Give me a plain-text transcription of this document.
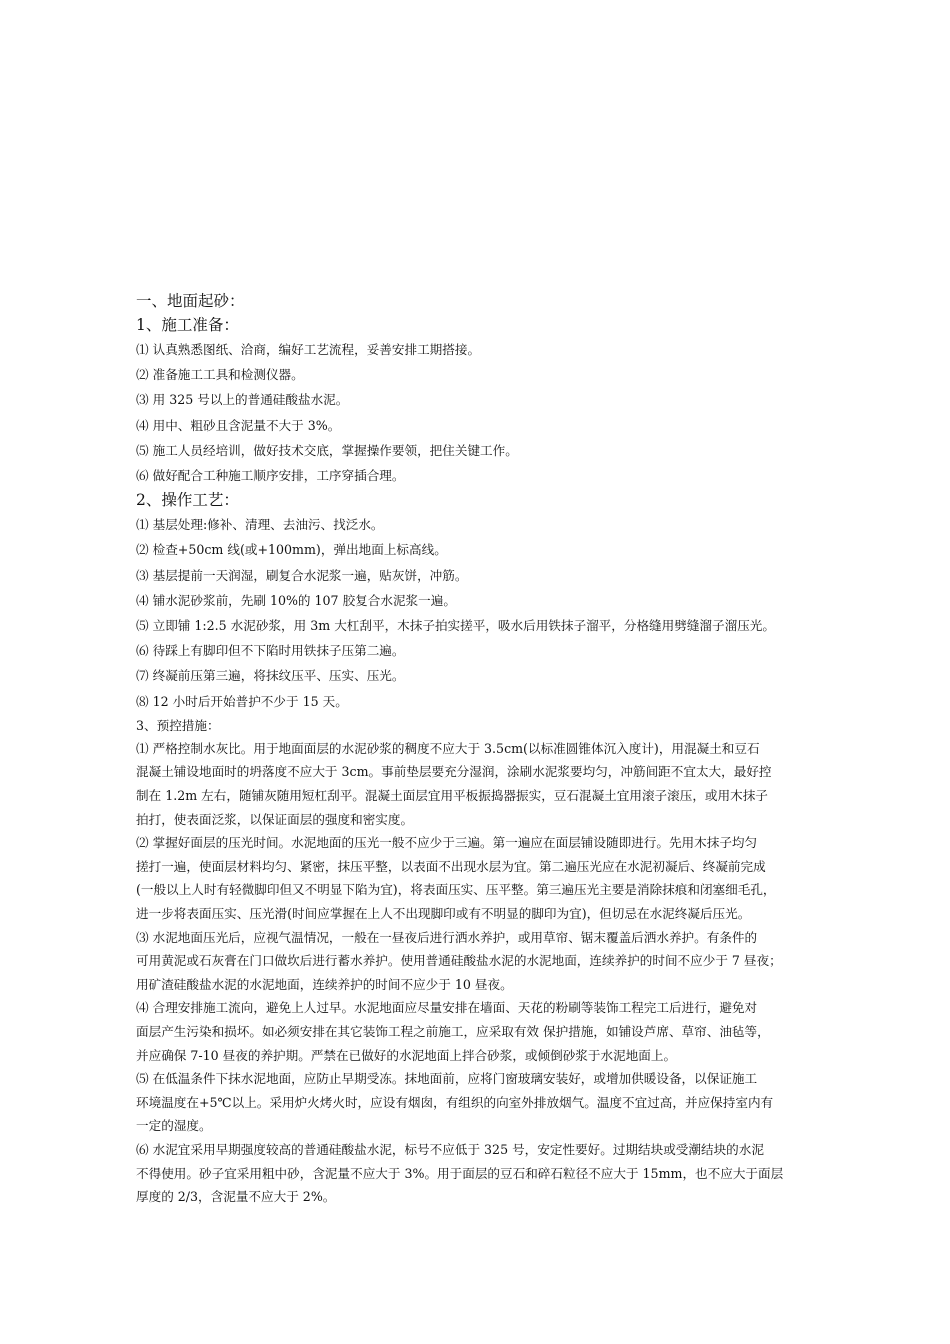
一、地面起砂：

1、施工准备：

⑴ 认真熟悉图纸、洽商，编好工艺流程，妥善安排工期搭接。

⑵ 准备施工工具和检测仪器。

⑶ 用 325 号以上的普通硅酸盐水泥。

⑷ 用中、粗砂且含泥量不大于 3%。

⑸ 施工人员经培训，做好技术交底，掌握操作要领，把住关键工作。

⑹ 做好配合工种施工顺序安排，工序穿插合理。

2、操作工艺：

⑴ 基层处理:修补、清理、去油污、找泛水。

⑵ 检查+50cm 线(或+100mm)，弹出地面上标高线。

⑶ 基层提前一天润湿，刷复合水泥浆一遍，贴灰饼，冲筋。

⑷ 铺水泥砂浆前，先刷 10%的 107 胶复合水泥浆一遍。

⑸ 立即铺 1:2.5 水泥砂浆，用 3m 大杠刮平，木抹子拍实搓平，吸水后用铁抹子溜平，分格缝用劈缝溜子溜压光。

⑹ 待踩上有脚印但不下陷时用铁抹子压第二遍。

⑺ 终凝前压第三遍，将抹纹压平、压实、压光。

⑻ 12 小时后开始普护不少于 15 天。

3、预控措施：

⑴ 严格控制水灰比。用于地面面层的水泥砂浆的稠度不应大于 3.5cm(以标准圆锥体沉入度计)，用混凝土和豆石
混凝土铺设地面时的坍落度不应大于 3cm。事前垫层要充分湿润，涂刷水泥浆要均匀，冲筋间距不宜太大，最好控
制在 1.2m 左右，随铺灰随用短杠刮平。混凝土面层宜用平板振捣器振实，豆石混凝土宜用滚子滚压，或用木抹子
拍打，使表面泛浆，以保证面层的强度和密实度。

⑵ 掌握好面层的压光时间。水泥地面的压光一般不应少于三遍。第一遍应在面层铺设随即进行。先用木抹子均匀
搓打一遍，使面层材料均匀、紧密，抹压平整，以表面不出现水层为宜。第二遍压光应在水泥初凝后、终凝前完成
(一般以上人时有轻微脚印但又不明显下陷为宜)，将表面压实、压平整。第三遍压光主要是消除抹痕和闭塞细毛孔，
进一步将表面压实、压光滑(时间应掌握在上人不出现脚印或有不明显的脚印为宜)，但切忌在水泥终凝后压光。

⑶ 水泥地面压光后，应视气温情况，一般在一昼夜后进行洒水养护，或用草帘、锯末覆盖后洒水养护。有条件的
可用黄泥或石灰膏在门口做坎后进行蓄水养护。使用普通硅酸盐水泥的水泥地面，连续养护的时间不应少于 7 昼夜；
用矿渣硅酸盐水泥的水泥地面，连续养护的时间不应少于 10 昼夜。

⑷ 合理安排施工流向，避免上人过早。水泥地面应尽量安排在墙面、天花的粉刷等装饰工程完工后进行，避免对
面层产生污染和损坏。如必须安排在其它装饰工程之前施工，应采取有效 保护措施，如铺设芦席、草帘、油毡等，
并应确保 7-10 昼夜的养护期。严禁在已做好的水泥地面上拌合砂浆，或倾倒砂浆于水泥地面上。

⑸ 在低温条件下抹水泥地面，应防止早期受冻。抹地面前，应将门窗玻璃安装好，或增加供暖设备，以保证施工
环境温度在+5℃以上。采用炉火烤火时，应设有烟囱，有组织的向室外排放烟气。温度不宜过高，并应保持室内有
一定的湿度。

⑹ 水泥宜采用早期强度较高的普通硅酸盐水泥，标号不应低于 325 号，安定性要好。过期结块或受潮结块的水泥
不得使用。砂子宜采用粗中砂，含泥量不应大于 3%。用于面层的豆石和碎石粒径不应大于 15mm，也不应大于面层
厚度的 2/3，含泥量不应大于 2%。
